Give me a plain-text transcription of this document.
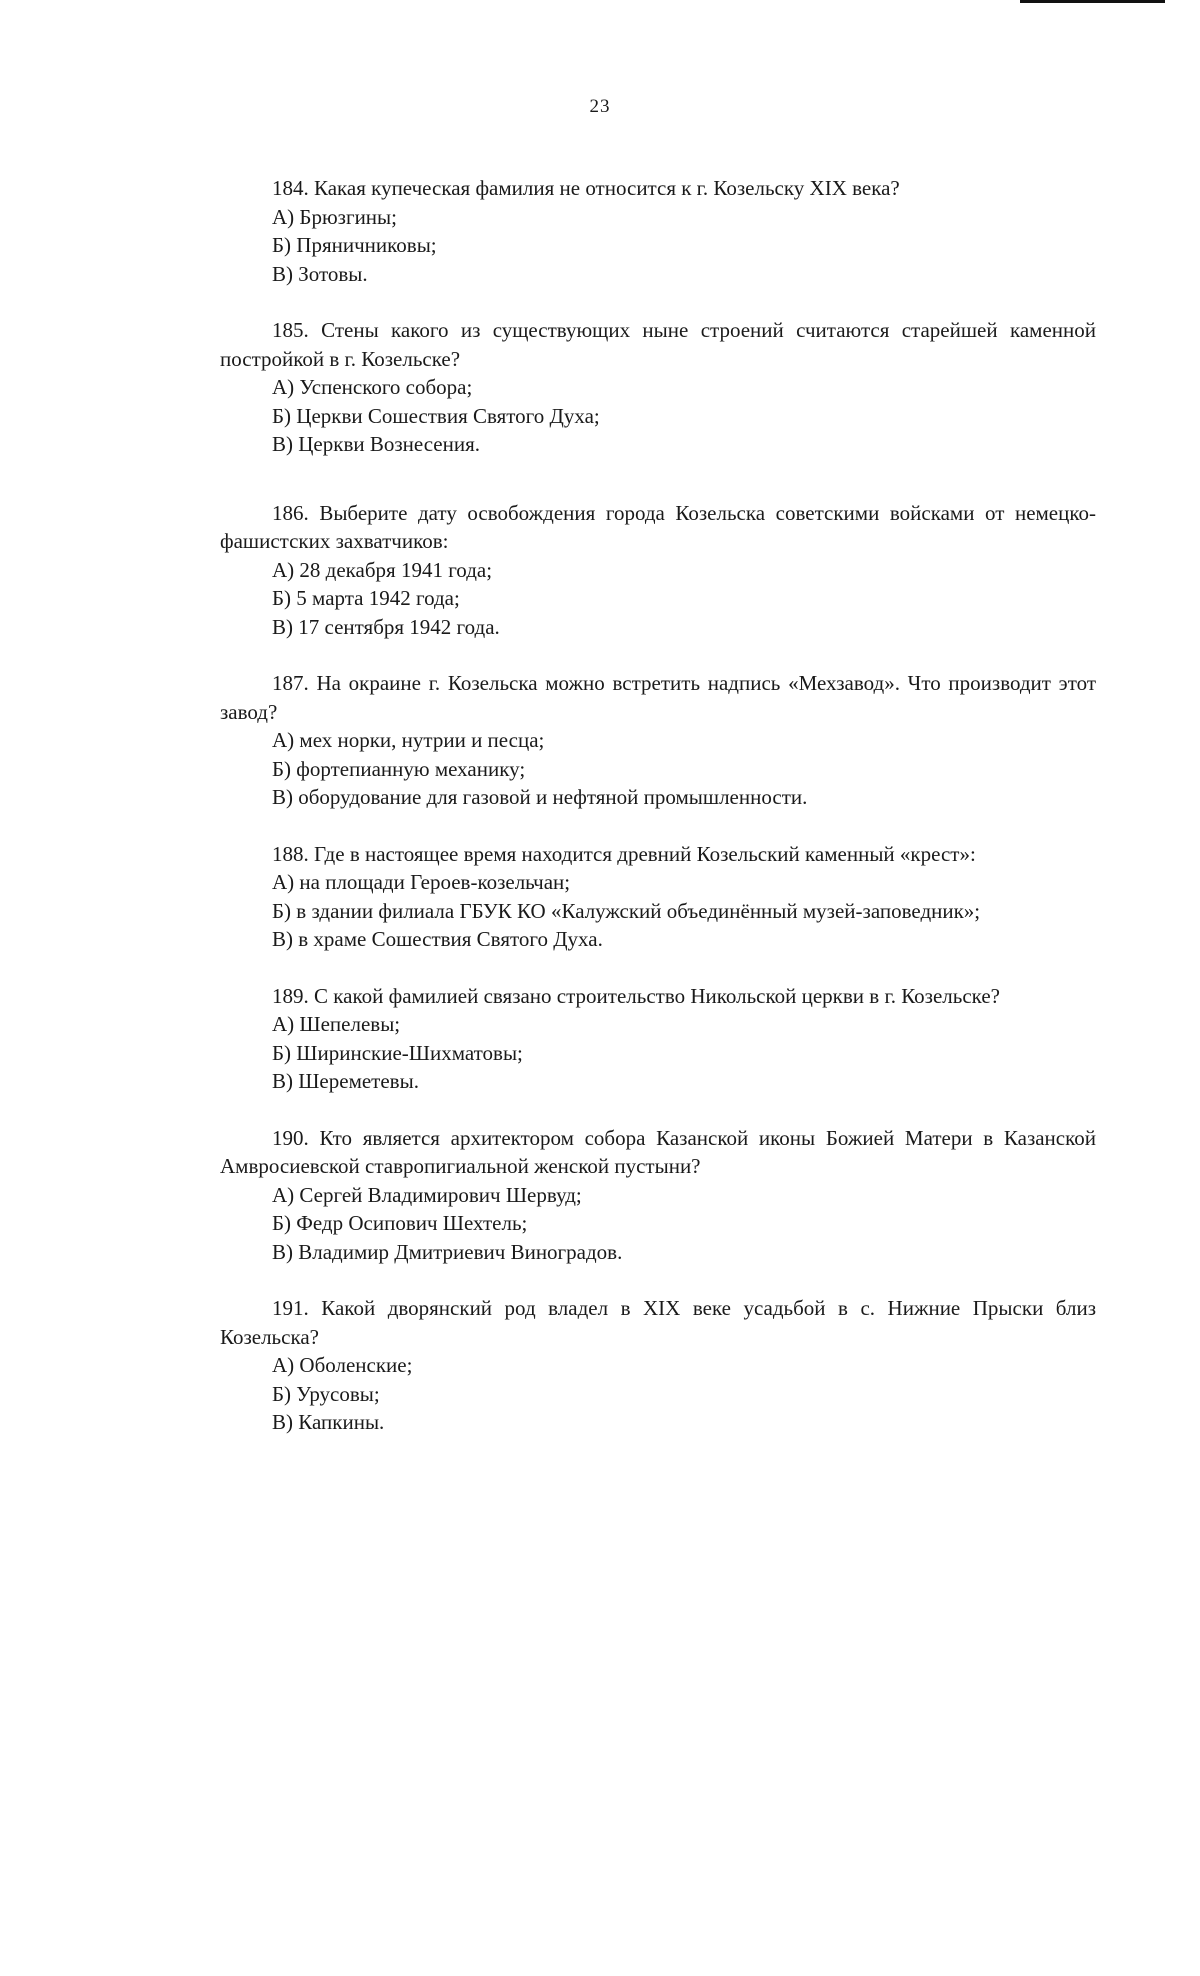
23
184. Какая купеческая фамилия не относится к г. Козельску XIX века?
А) Брюзгины;
Б) Пряничниковы;
В) Зотовы.
185. Стены какого из существующих ныне строений считаются старейшей каменной постройкой в г. Козельске?
А) Успенского собора;
Б) Церкви Сошествия Святого Духа;
В) Церкви Вознесения.
186. Выберите дату освобождения города Козельска советскими войсками от немецко-фашистских захватчиков:
А) 28 декабря 1941 года;
Б) 5 марта 1942 года;
В) 17 сентября 1942 года.
187. На окраине г. Козельска можно встретить надпись «Мехзавод». Что производит этот завод?
А) мех норки, нутрии и песца;
Б) фортепианную механику;
В) оборудование для газовой и нефтяной промышленности.
188. Где в настоящее время находится древний Козельский каменный «крест»:
А) на площади Героев-козельчан;
Б) в здании филиала ГБУК КО «Калужский объединённый музей-заповедник»;
В) в храме Сошествия Святого Духа.
189. С какой фамилией связано строительство Никольской церкви в г. Козельске?
А) Шепелевы;
Б) Ширинские-Шихматовы;
В) Шереметевы.
190. Кто является архитектором собора Казанской иконы Божией Матери в Казанской Амвросиевской ставропигиальной женской пустыни?
А) Сергей Владимирович Шервуд;
Б) Федр Осипович Шехтель;
В) Владимир Дмитриевич Виноградов.
191. Какой дворянский род владел в XIX веке усадьбой в с. Нижние Прыски близ Козельска?
А) Оболенские;
Б) Урусовы;
В) Капкины.
